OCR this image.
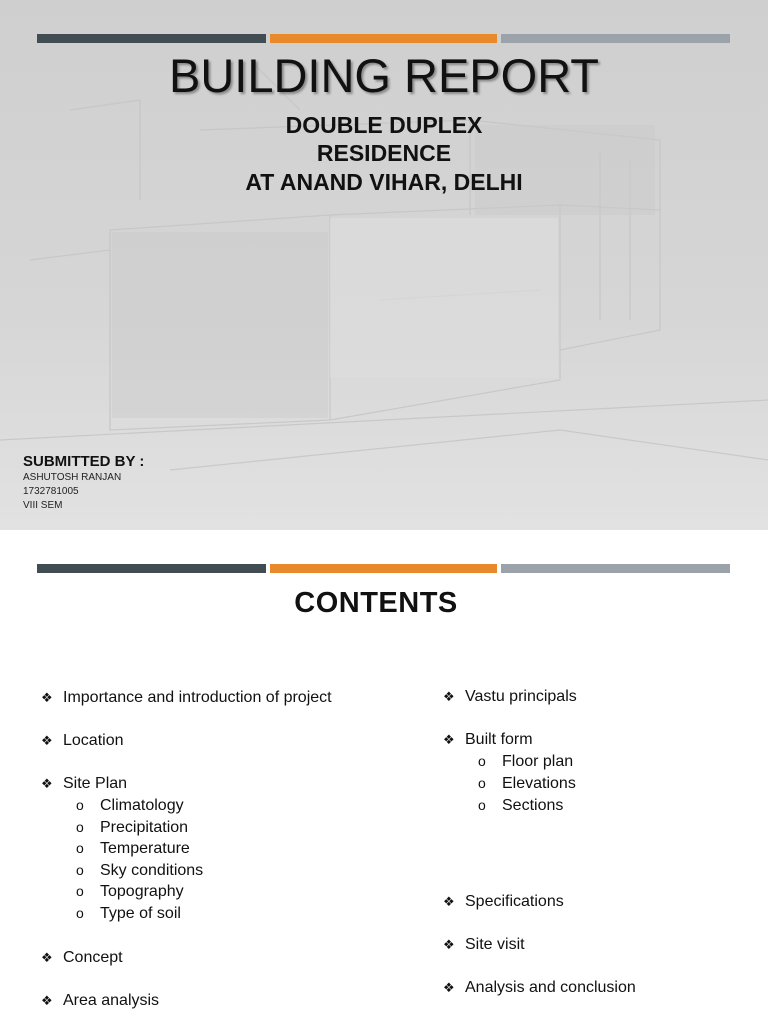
BUILDING REPORT
DOUBLE DUPLEX
RESIDENCE
AT ANAND VIHAR, DELHI
SUBMITTED BY :
ASHUTOSH RANJAN
1732781005
VIII SEM
CONTENTS
❖ Importance and introduction of project
❖ Location
❖ Site Plan
o Climatology
o Precipitation
o Temperature
o Sky conditions
o Topography
o Type of soil
❖ Concept
❖ Area analysis
❖ Vastu principals
❖ Built form
o Floor plan
o Elevations
o Sections
❖ Specifications
❖ Site visit
❖ Analysis and conclusion
